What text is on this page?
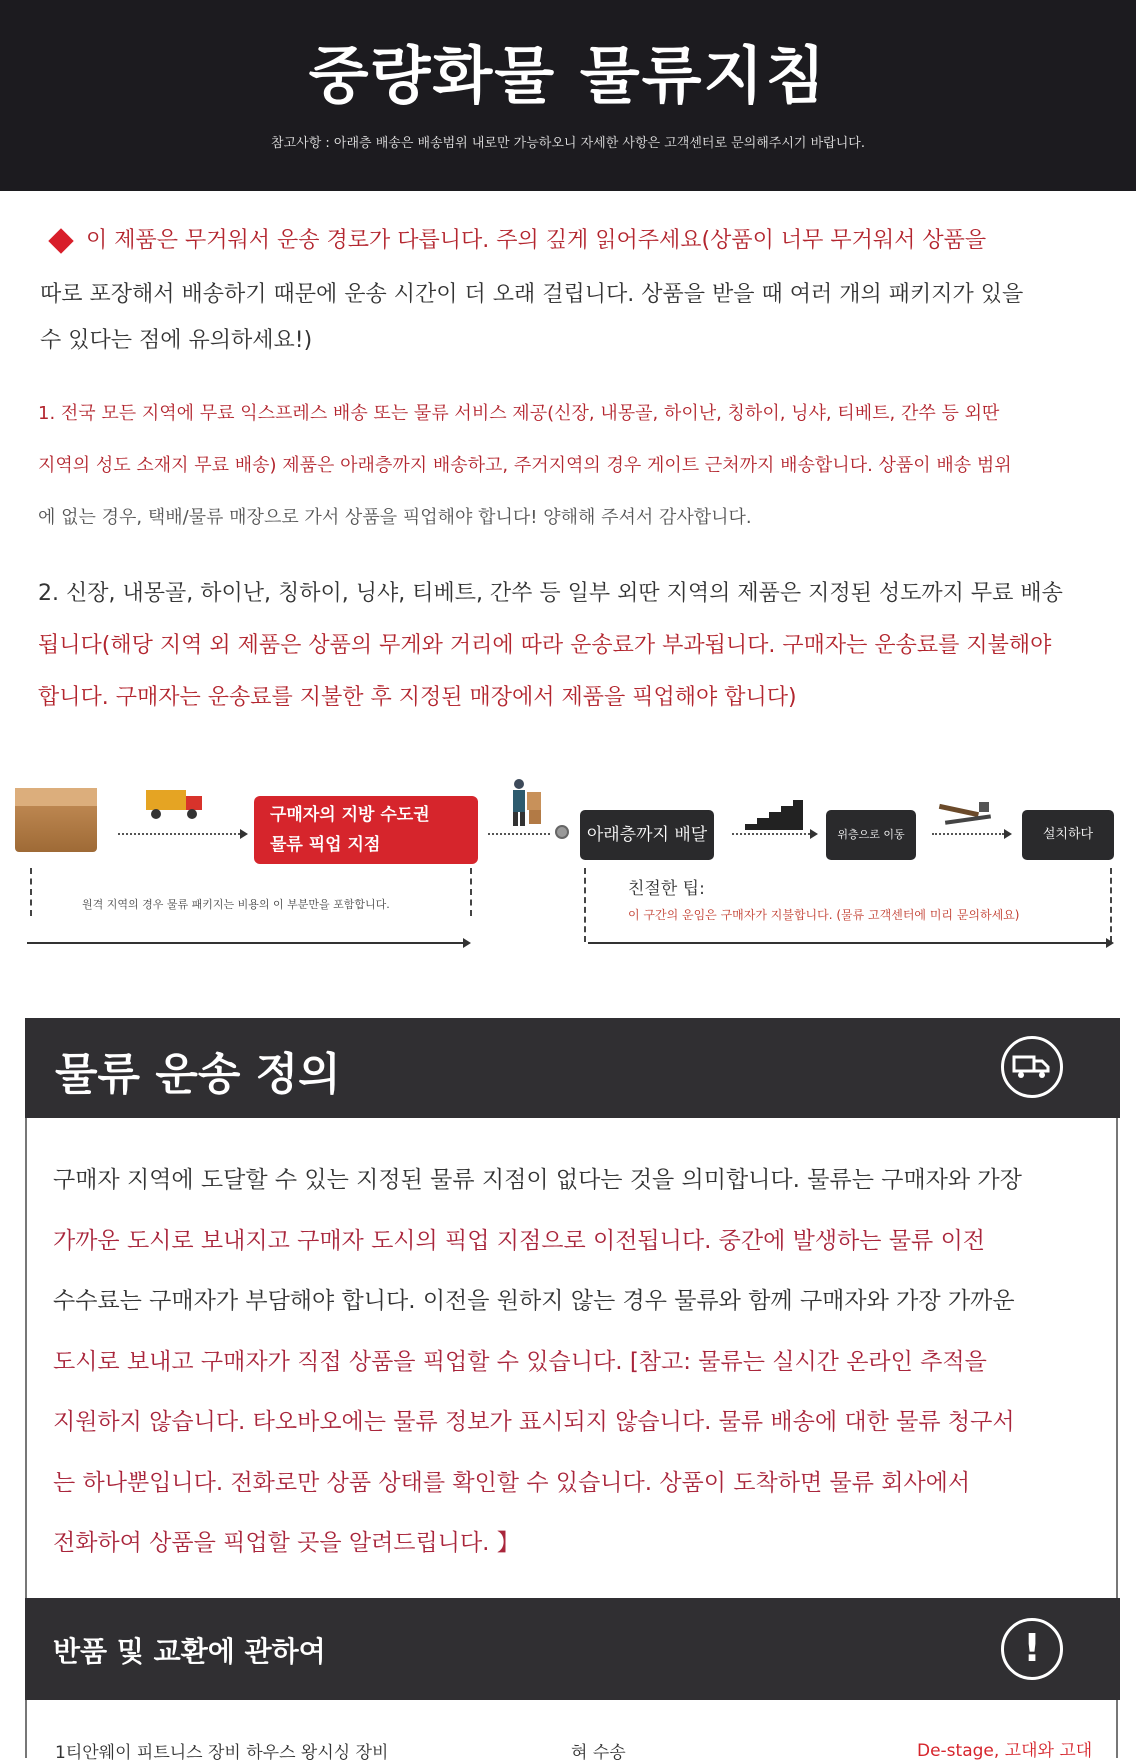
중량화물 물류지침
참고사항 : 아래층 배송은 배송범위 내로만 가능하오니 자세한 사항은 고객센터로 문의해주시기 바랍니다.

이 제품은 무거워서 운송 경로가 다릅니다. 주의 깊게 읽어주세요(상품이 너무 무거워서 상품을

따로 포장해서 배송하기 때문에 운송 시간이 더 오래 걸립니다. 상품을 받을 때 여러 개의 패키지가 있을

수 있다는 점에 유의하세요!)

1. 전국 모든 지역에 무료 익스프레스 배송 또는 물류 서비스 제공(신장, 내몽골, 하이난, 칭하이, 닝샤, 티베트, 간쑤 등 외딴
지역의 성도 소재지 무료 배송) 제품은 아래층까지 배송하고, 주거지역의 경우 게이트 근처까지 배송합니다. 상품이 배송 범위
에 없는 경우, 택배/물류 매장으로 가서 상품을 픽업해야 합니다! 양해해 주셔서 감사합니다.
2. 신장, 내몽골, 하이난, 칭하이, 닝샤, 티베트, 간쑤 등 일부 외딴 지역의 제품은 지정된 성도까지 무료 배송
됩니다(해당 지역 외 제품은 상품의 무게와 거리에 따라 운송료가 부과됩니다. 구매자는 운송료를 지불해야
합니다. 구매자는 운송료를 지불한 후 지정된 매장에서 제품을 픽업해야 합니다)
구매자의 지방 수도권
물류 픽업 지점	아래층까지 배달	위층으로 이동	설치하다
원격 지역의 경우 물류 패키지는 비용의 이 부분만을 포함합니다.
친절한 팁:
이 구간의 운임은 구매자가 지불합니다. (물류 고객센터에 미리 문의하세요)
물류 운송 정의
구매자 지역에 도달할 수 있는 지정된 물류 지점이 없다는 것을 의미합니다. 물류는 구매자와 가장
가까운 도시로 보내지고 구매자 도시의 픽업 지점으로 이전됩니다. 중간에 발생하는 물류 이전
수수료는 구매자가 부담해야 합니다. 이전을 원하지 않는 경우 물류와 함께 구매자와 가장 가까운
도시로 보내고 구매자가 직접 상품을 픽업할 수 있습니다. [참고: 물류는 실시간 온라인 추적을
지원하지 않습니다. 타오바오에는 물류 정보가 표시되지 않습니다. 물류 배송에 대한 물류 청구서
는 하나뿐입니다. 전화로만 상품 상태를 확인할 수 있습니다. 상품이 도착하면 물류 회사에서
전화하여 상품을 픽업할 곳을 알려드립니다. 】
반품 및 교환에 관하여	!
1티안웨이 피트니스 장비 하우스 왕시싱 장비	혀 수송	De-stage, 고대와 고대
